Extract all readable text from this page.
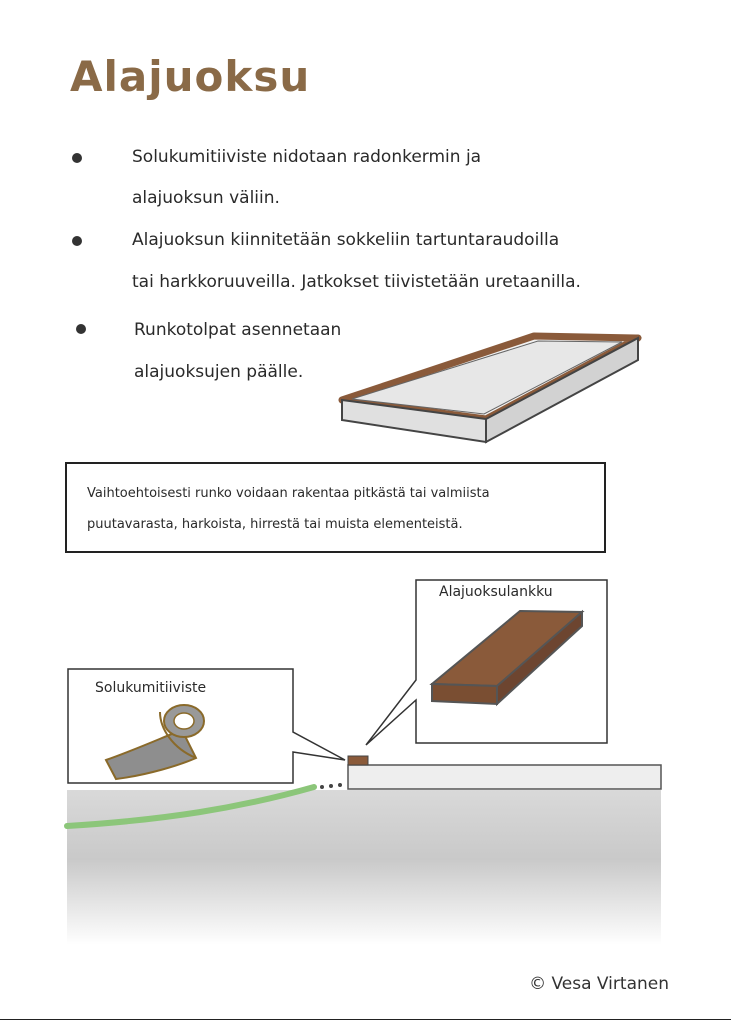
Alajuoksu
Solukumitiiviste nidotaan radonkermin ja
alajuoksun väliin.
Alajuoksun kiinnitetään sokkeliin tartuntaraudoilla
tai harkkoruuveilla. Jatkokset tiivistetään uretaanilla.
Runkotolpat asennetaan
alajuoksujen päälle.
Alajuoksulankku
Solukumitiiviste
Vaihtoehtoisesti runko voidaan rakentaa pitkästä tai valmiista
puutavarasta, harkoista, hirrestä tai muista elementeistä.
© Vesa Virtanen
